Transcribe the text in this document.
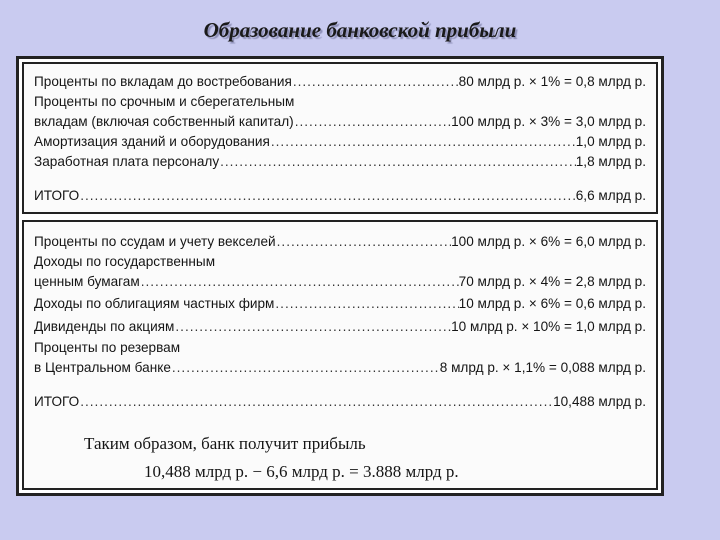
Образование банковской прибыли
Проценты по вкладам до востребования .....	80 млрд р. × 1% = 0,8 млрд р.
Проценты по срочным и сберегательным
вкладам (включая собственный капитал) .....	100 млрд р. × 3% = 3,0 млрд р.
Амортизация зданий и оборудования .....	1,0 млрд р.
Заработная плата персоналу .....	1,8 млрд р.
ИТОГО .....	6,6 млрд р.
Проценты по ссудам и учету векселей .....	100 млрд р. × 6% = 6,0 млрд р.
Доходы по государственным
ценным бумагам .....	70 млрд р. × 4% = 2,8 млрд р.
Доходы по облигациям частных фирм .....	10 млрд р. × 6% = 0,6 млрд р.
Дивиденды по акциям .....	10 млрд р. × 10% = 1,0 млрд р.
Проценты по резервам
в Центральном банке .....	8 млрд р. × 1,1% = 0,088 млрд р.
ИТОГО .....	10,488 млрд р.
Таким образом, банк получит прибыль
10,488 млрд р. − 6,6 млрд р. = 3.888 млрд р.
